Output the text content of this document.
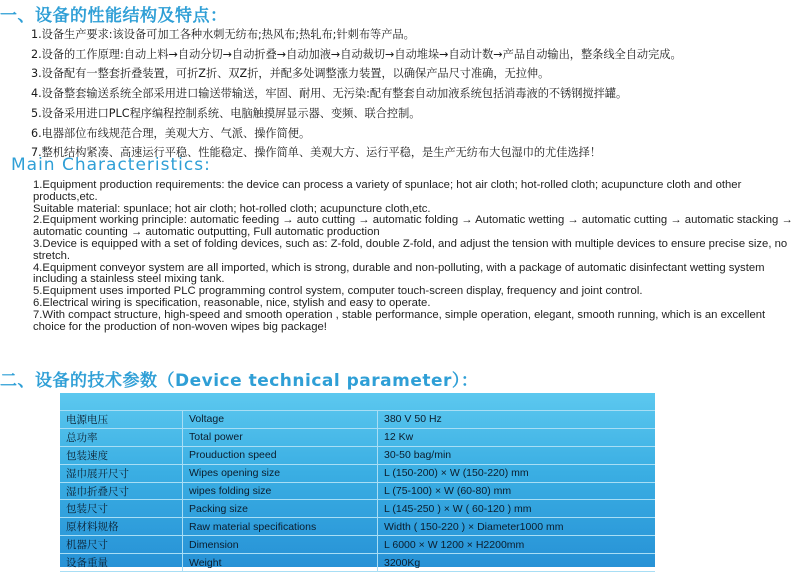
一、设备的性能结构及特点：
1.设备生产要求:该设备可加工各种水刺无纺布;热风布;热轧布;针刺布等产品。
2.设备的工作原理:自动上料→自动分切→自动折叠→自动加液→自动裁切→自动堆垛→自动计数→产品自动输出，整条线全自动完成。
3.设备配有一整套折叠装置，可折Z折、双Z折，并配多处调整涨力装置，以确保产品尺寸准确，无拉伸。
4.设备整套输送系统全部采用进口输送带输送，牢固、耐用、无污染:配有整套自动加液系统包括消毒液的不锈钢搅拌罐。
5.设备采用进口PLC程序编程控制系统、电脑触摸屏显示器、变频、联合控制。
6.电器部位布线规范合理，美观大方、气派、操作简便。
7.整机结构紧凑、高速运行平稳、性能稳定、操作简单、美观大方、运行平稳，是生产无纺布大包湿巾的尤佳选择！
Main Characteristics:

1.Equipment production requirements: the device can process a variety of spunlace; hot air cloth; hot-rolled cloth; acupuncture cloth and other products,etc.

Suitable material: spunlace; hot air cloth; hot-rolled cloth; acupuncture cloth,etc.

2.Equipment working principle: automatic feeding → auto cutting → automatic folding → Automatic wetting → automatic cutting → automatic stacking → automatic counting → automatic outputting, Full automatic production

3.Device is equipped with a set of folding devices, such as: Z-fold, double Z-fold, and adjust the tension with multiple devices to ensure precise size, no stretch.

4.Equipment conveyor system are all imported, which is strong, durable and non-polluting, with a package of automatic disinfectant wetting system including a stainless steel mixing tank.

5.Equipment uses imported PLC programming control system, computer touch-screen display, frequency and joint control.

6.Electrical wiring is specification, reasonable, nice, stylish and easy to operate.

7.With compact structure, high-speed and smooth operation , stable performance, simple operation, elegant, smooth running, which is an excellent choice for the production of non-woven wipes big package!

二、设备的技术参数（Device technical parameter）：
电源电压	Voltage	380 V 50 Hz
总功率	Total power	12 Kw
包装速度	Prouduction speed	30-50 bag/min
湿巾展开尺寸	Wipes opening size	L (150-200) × W (150-220) mm
湿巾折叠尺寸	wipes folding size	L (75-100) × W (60-80) mm
包装尺寸	Packing size	L (145-250 ) × W ( 60-120 ) mm
原材料规格	Raw material specifications	Width ( 150-220 ) × Diameter1000 mm
机器尺寸	Dimension	L 6000 × W 1200 × H2200mm
设备重量	Weight	3200Kg
